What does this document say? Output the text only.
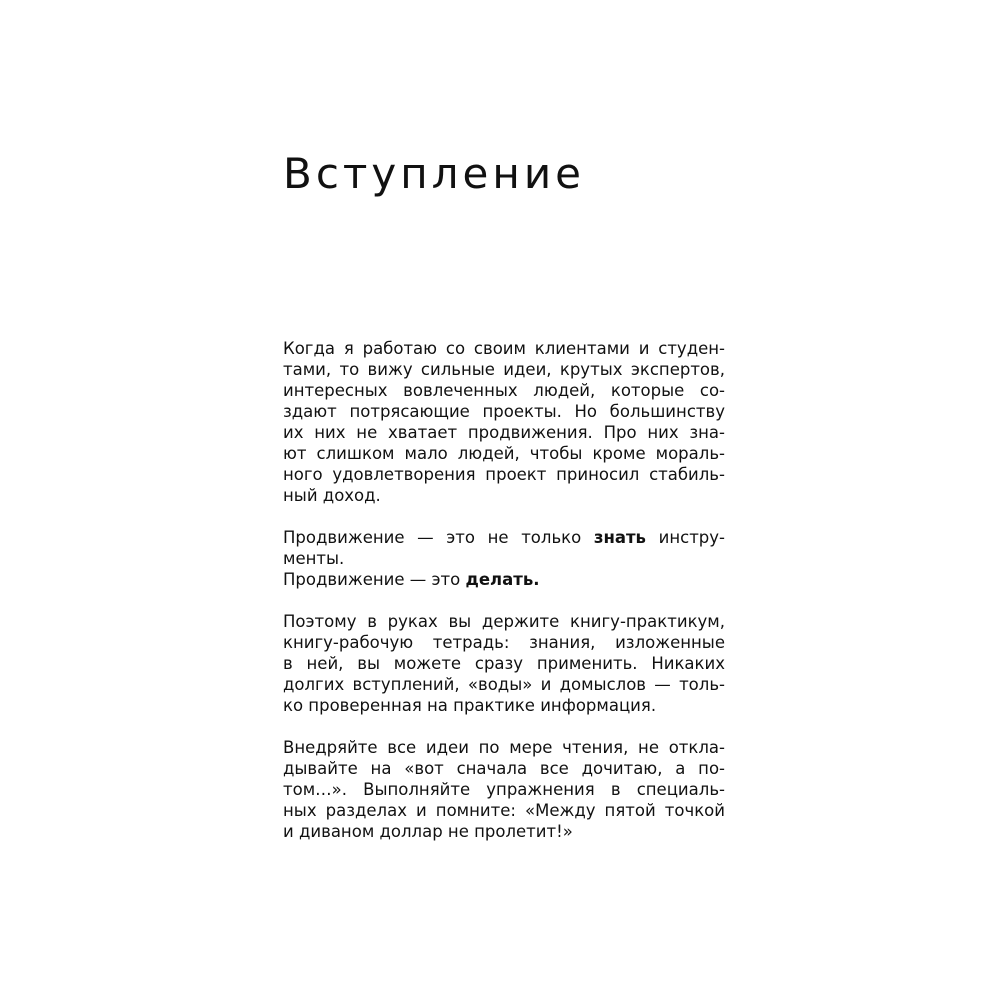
Вступление

Когда я работаю со своим клиентами и студен-
тами, то вижу сильные идеи, крутых экспертов,
интересных вовлеченных людей, которые со-
здают потрясающие проекты. Но большинству
их них не хватает продвижения. Про них зна-
ют слишком мало людей, чтобы кроме мораль-
ного удовлетворения проект приносил стабиль-
ный доход.

Продвижение — это не только знать инстру-
менты.
Продвижение — это делать.

Поэтому в руках вы держите книгу-практикум,
книгу-рабочую тетрадь: знания, изложенные
в ней, вы можете сразу применить. Никаких
долгих вступлений, «воды» и домыслов — толь-
ко проверенная на практике информация.

Внедряйте все идеи по мере чтения, не откла-
дывайте на «вот сначала все дочитаю, а по-
том…». Выполняйте упражнения в специаль-
ных разделах и помните: «Между пятой точкой
и диваном доллар не пролетит!»
